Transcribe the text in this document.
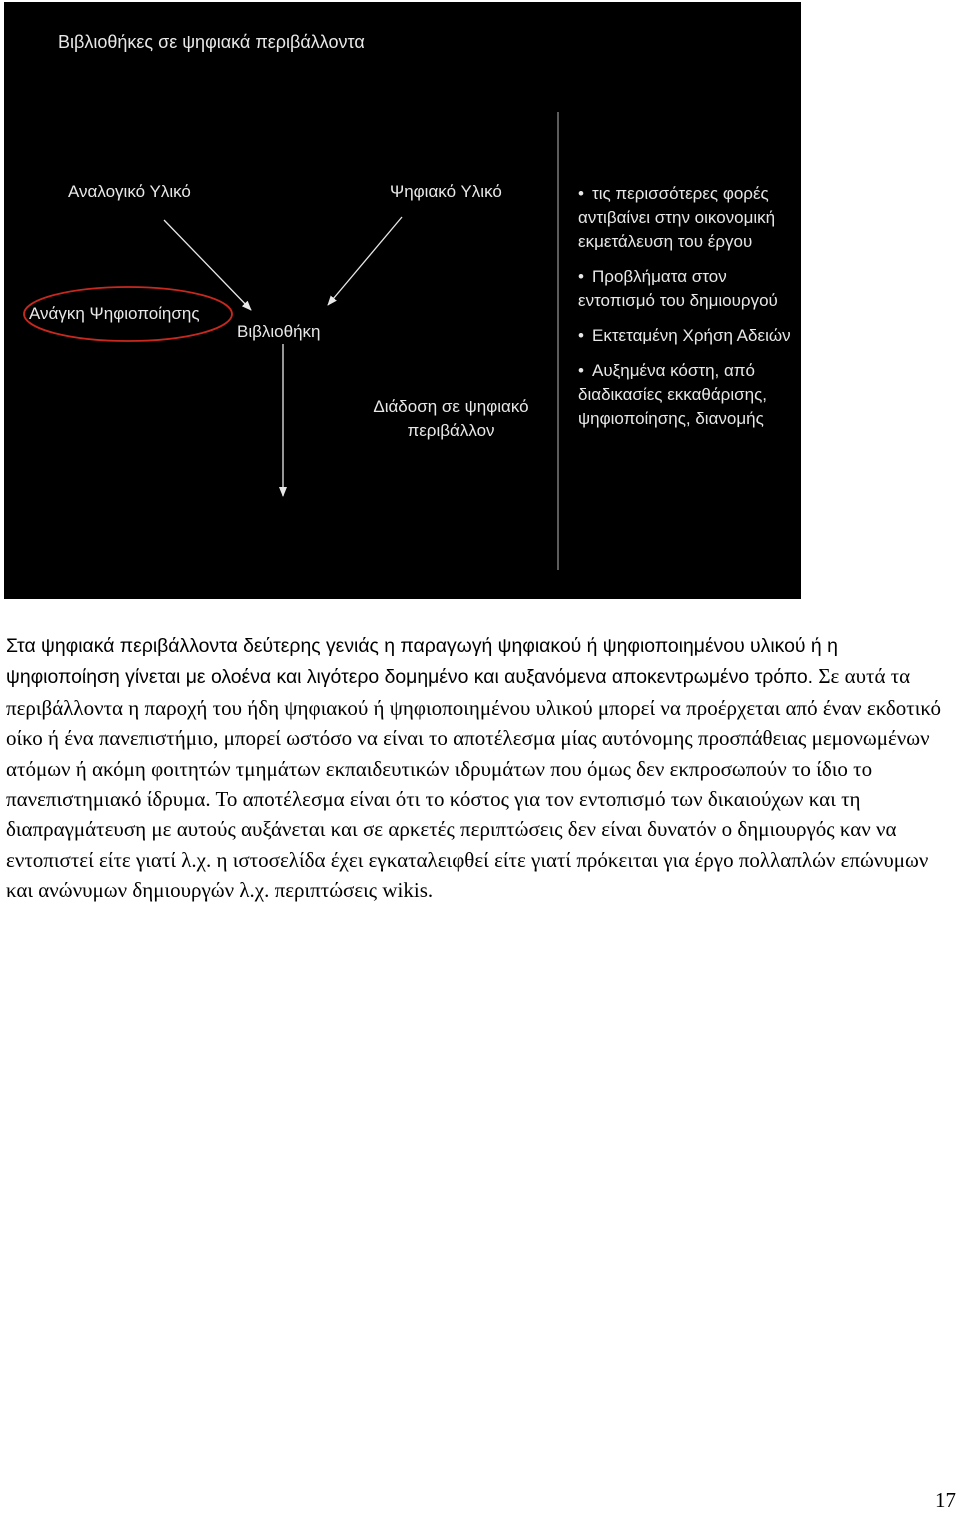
Βιβλιοθήκες σε ψηφιακά περιβάλλοντα
Αναλογικό Υλικό	Ψηφιακό Υλικό
Ανάγκη Ψηφιοποίησης
Βιβλιοθήκη
Διάδοση σε ψηφιακό
περιβάλλον
• τις περισσότερες φορές αντιβαίνει στην οικονομική εκμετάλευση του έργου
• Προβλήματα στον εντοπισμό του δημιουργού
• Εκτεταμένη Χρήση Αδειών
• Αυξημένα κόστη, από διαδικασίες εκκαθάρισης, ψηφιοποίησης, διανομής

Στα ψηφιακά περιβάλλοντα δεύτερης γενιάς η παραγωγή ψηφιακού ή ψηφιοποιημένου υλικού ή η ψηφιοποίηση γίνεται με ολοένα και λιγότερο δομημένο και αυξανόμενα αποκεντρωμένο τρόπο. Σε αυτά τα περιβάλλοντα η παροχή του ήδη ψηφιακού ή ψηφιοποιημένου υλικού μπορεί να προέρχεται από έναν εκδοτικό οίκο ή ένα πανεπιστήμιο, μπορεί ωστόσο να είναι το αποτέλεσμα μίας αυτόνομης προσπάθειας μεμονωμένων ατόμων ή ακόμη φοιτητών τμημάτων εκπαιδευτικών ιδρυμάτων που όμως δεν εκπροσωπούν το ίδιο το πανεπιστημιακό ίδρυμα. Το αποτέλεσμα είναι ότι το κόστος για τον εντοπισμό των δικαιούχων και τη διαπραγμάτευση με αυτούς αυξάνεται και σε αρκετές περιπτώσεις δεν είναι δυνατόν ο δημιουργός καν να εντοπιστεί είτε γιατί λ.χ. η ιστοσελίδα έχει εγκαταλειφθεί είτε γιατί πρόκειται για έργο πολλαπλών επώνυμων και ανώνυμων δημιουργών λ.χ. περιπτώσεις wikis.

17
